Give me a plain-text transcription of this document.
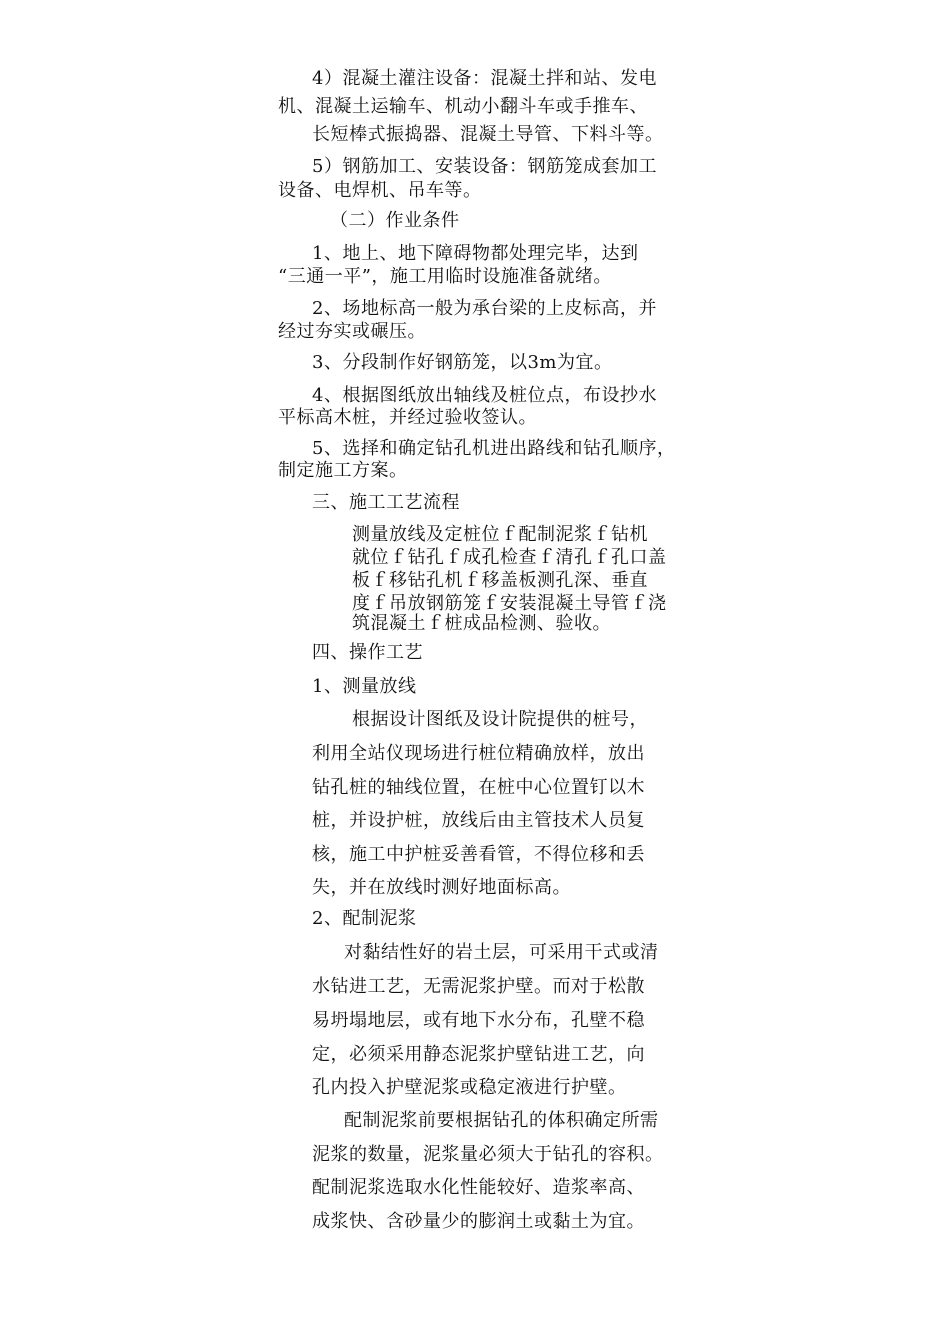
4）混凝土灌注设备：混凝土拌和站、发电
机、混凝土运输车、机动小翻斗车或手推车、
长短棒式振捣器、混凝土导管、下料斗等。
5）钢筋加工、安装设备：钢筋笼成套加工
设备、电焊机、吊车等。
（二）作业条件
1、地上、地下障碍物都处理完毕，达到
“三通一平”，施工用临时设施准备就绪。
2、场地标高一般为承台梁的上皮标高，并
经过夯实或碾压。
3、分段制作好钢筋笼，以3m为宜。
4、根据图纸放出轴线及桩位点，布设抄水
平标高木桩，并经过验收签认。
5、选择和确定钻孔机进出路线和钻孔顺序，
制定施工方案。
三、施工工艺流程
测量放线及定桩位ｆ配制泥浆ｆ钻机
就位ｆ钻孔ｆ成孔检查ｆ清孔ｆ孔口盖
板ｆ移钻孔机ｆ移盖板测孔深、垂直
度ｆ吊放钢筋笼ｆ安装混凝土导管ｆ浇
筑混凝土ｆ桩成品检测、验收。
四、操作工艺
1、测量放线
根据设计图纸及设计院提供的桩号，
利用全站仪现场进行桩位精确放样，放出
钻孔桩的轴线位置，在桩中心位置钉以木
桩，并设护桩，放线后由主管技术人员复
核，施工中护桩妥善看管，不得位移和丢
失，并在放线时测好地面标高。
2、配制泥浆
对黏结性好的岩土层，可采用干式或清
水钻进工艺，无需泥浆护壁。而对于松散
易坍塌地层，或有地下水分布，孔壁不稳
定，必须采用静态泥浆护壁钻进工艺，向
孔内投入护壁泥浆或稳定液进行护壁。
配制泥浆前要根据钻孔的体积确定所需
泥浆的数量，泥浆量必须大于钻孔的容积。
配制泥浆选取水化性能较好、造浆率高、
成浆快、含砂量少的膨润土或黏土为宜。
